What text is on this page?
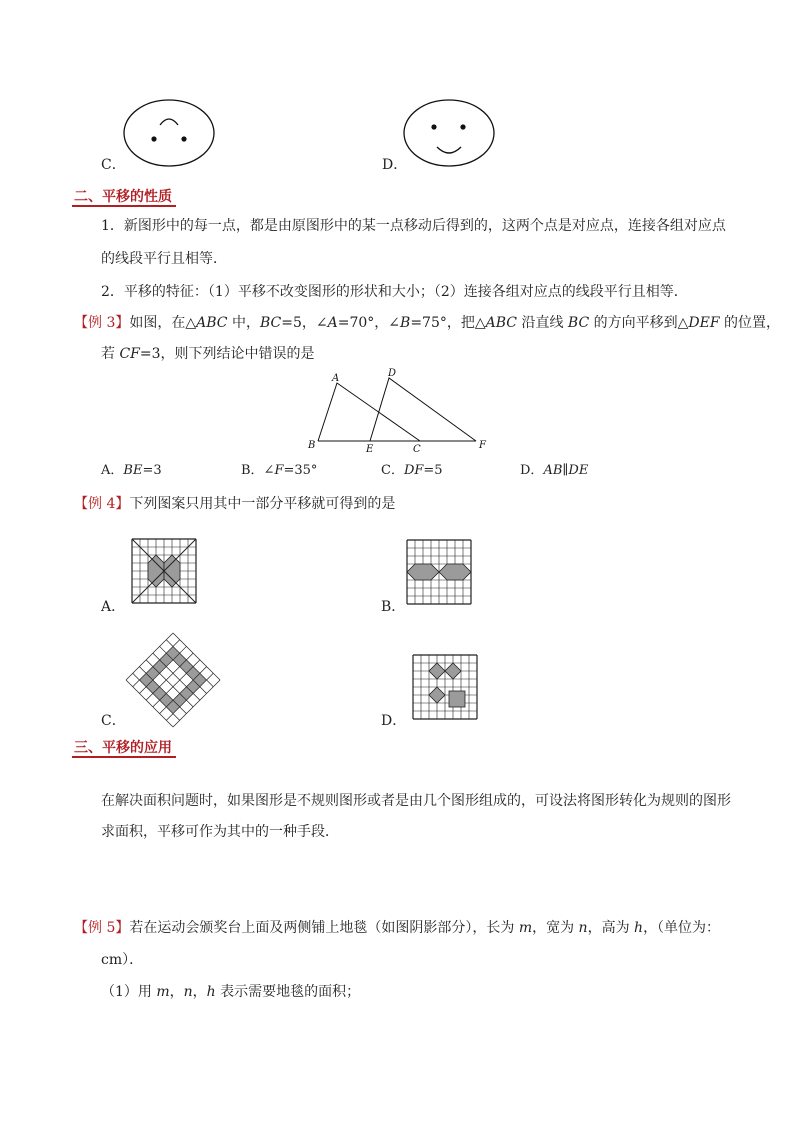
C．	D．
二、平移的性质
1．新图形中的每一点，都是由原图形中的某一点移动后得到的，这两个点是对应点，连接各组对应点
的线段平行且相等．
2．平移的特征：（1）平移不改变图形的形状和大小；（2）连接各组对应点的线段平行且相等．
【例 3】如图，在△ABC 中，BC=5，∠A=70°，∠B=75°，把△ABC 沿直线 BC 的方向平移到△DEF 的位置，
若 CF=3，则下列结论中错误的是
A
B	C
D
E	F
A．BE=3	B．∠F=35°	C．DF=5	D．AB∥DE
【例 4】下列图案只用其中一部分平移就可得到的是
A．	B．
C．	D．
三、平移的应用
在解决面积问题时，如果图形是不规则图形或者是由几个图形组成的，可设法将图形转化为规则的图形
求面积，平移可作为其中的一种手段．
【例 5】若在运动会颁奖台上面及两侧铺上地毯（如图阴影部分），长为 m，宽为 n，高为 h，（单位为：
cm）．
（1）用 m，n，h 表示需要地毯的面积；
